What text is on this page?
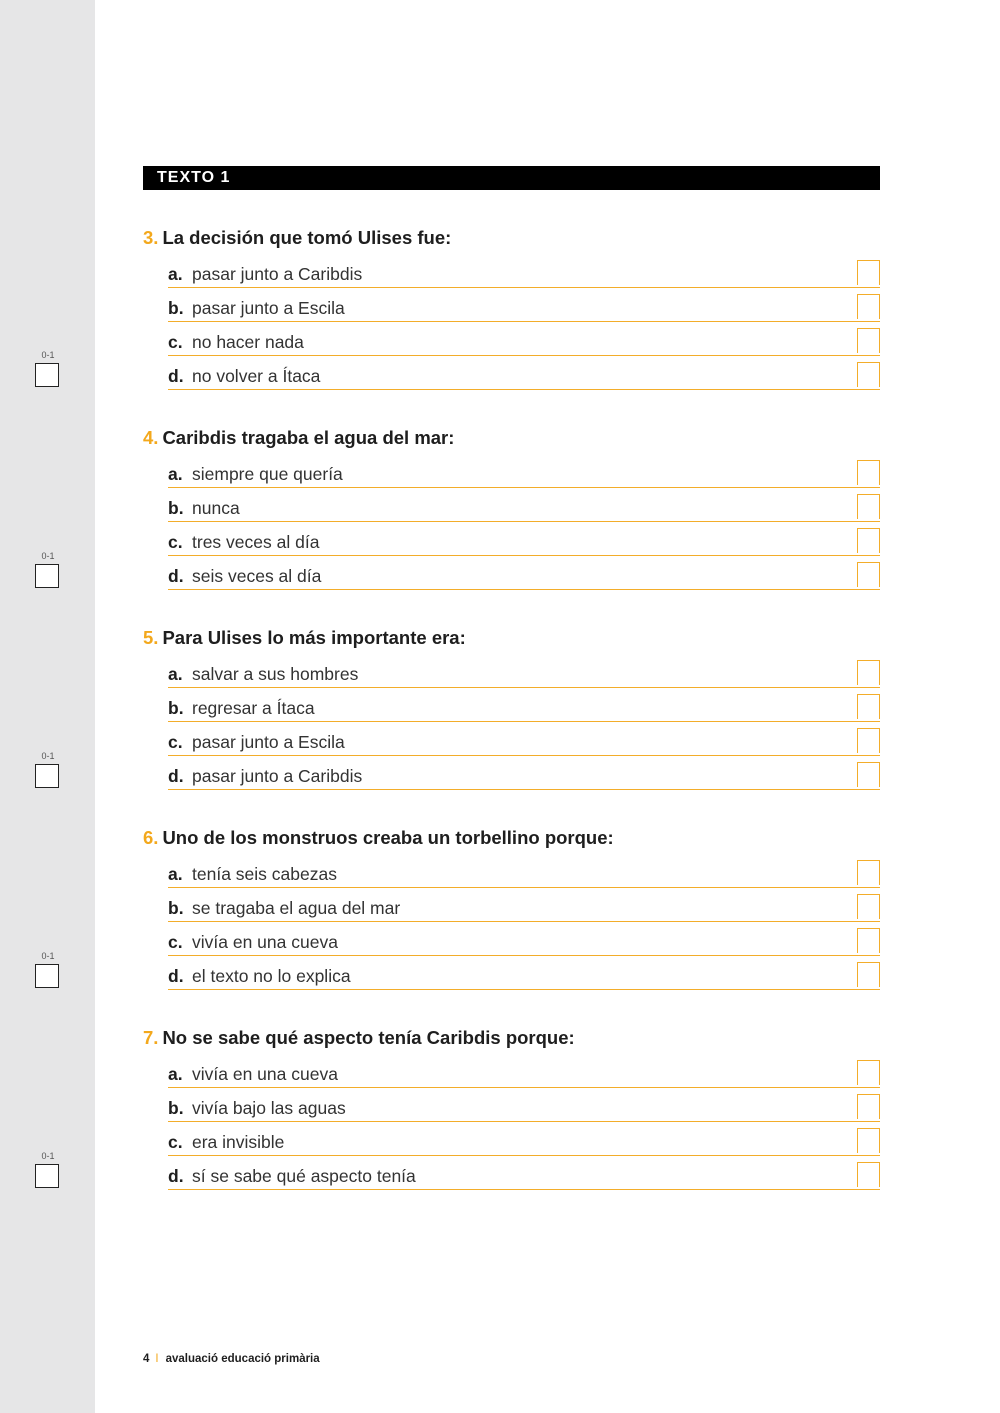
TEXTO 1
3. La decisión que tomó Ulises fue:
a. pasar junto a Caribdis
b. pasar junto a Escila
c. no hacer nada
d. no volver a Ítaca
4. Caribdis tragaba el agua del mar:
a. siempre que quería
b. nunca
c. tres veces al día
d. seis veces al día
5. Para Ulises lo más importante era:
a. salvar a sus hombres
b. regresar a Ítaca
c. pasar junto a Escila
d. pasar junto a Caribdis
6. Uno de los monstruos creaba un torbellino porque:
a. tenía seis cabezas
b. se tragaba el agua del mar
c. vivía en una cueva
d. el texto no lo explica
7. No se sabe qué aspecto tenía Caribdis porque:
a. vivía en una cueva
b. vivía bajo las aguas
c. era invisible
d. sí se sabe qué aspecto tenía
0-1
0-1
0-1
0-1
0-1
4 I avaluació educació primària
